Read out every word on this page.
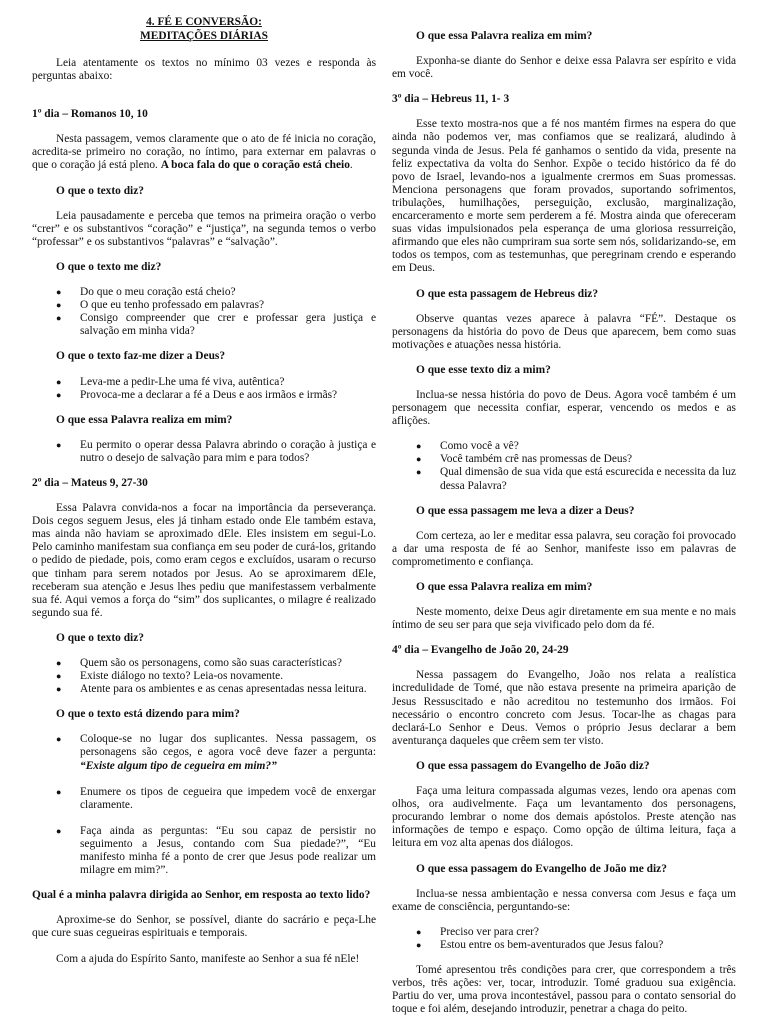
4. FÉ E CONVERSÃO:
MEDITAÇÕES DIÁRIAS

Leia atentamente os textos no mínimo 03 vezes e responda às perguntas abaixo:

1º dia – Romanos 10, 10

Nesta passagem, vemos claramente que o ato de fé inicia no coração, acredita-se primeiro no coração, no íntimo, para externar em palavras o que o coração já está pleno. A boca fala do que o coração está cheio.

O que o texto diz?

Leia pausadamente e perceba que temos na primeira oração o verbo “crer” e os substantivos “coração” e “justiça”, na segunda temos o verbo “professar” e os substantivos “palavras” e “salvação”.

O que o texto me diz?

● Do que o meu coração está cheio?
● O que eu tenho professado em palavras?
● Consigo compreender que crer e professar gera justiça e salvação em minha vida?

O que o texto faz-me dizer a Deus?

● Leva-me a pedir-Lhe uma fé viva, autêntica?
● Provoca-me a declarar a fé a Deus e aos irmãos e irmãs?

O que essa Palavra realiza em mim?

● Eu permito o operar dessa Palavra abrindo o coração à justiça e nutro o desejo de salvação para mim e para todos?

2º dia – Mateus 9, 27-30

Essa Palavra convida-nos a focar na importância da perseverança. Dois cegos seguem Jesus, eles já tinham estado onde Ele também estava, mas ainda não haviam se aproximado dEle. Eles insistem em segui-Lo. Pelo caminho manifestam sua confiança em seu poder de curá-los, gritando o pedido de piedade, pois, como eram cegos e excluídos, usaram o recurso que tinham para serem notados por Jesus. Ao se aproximarem dEle, receberam sua atenção e Jesus lhes pediu que manifestassem verbalmente sua fé. Aqui vemos a força do “sim” dos suplicantes, o milagre é realizado segundo sua fé.

O que o texto diz?

● Quem são os personagens, como são suas características?
● Existe diálogo no texto? Leia-os novamente.
● Atente para os ambientes e as cenas apresentadas nessa leitura.

O que o texto está dizendo para mim?

● Coloque-se no lugar dos suplicantes. Nessa passagem, os personagens são cegos, e agora você deve fazer a pergunta: “Existe algum tipo de cegueira em mim?”
● Enumere os tipos de cegueira que impedem você de enxergar claramente.
● Faça ainda as perguntas: “Eu sou capaz de persistir no seguimento a Jesus, contando com Sua piedade?”, “Eu manifesto minha fé a ponto de crer que Jesus pode realizar um milagre em mim?”.

Qual é a minha palavra dirigida ao Senhor, em resposta ao texto lido?

Aproxime-se do Senhor, se possível, diante do sacrário e peça-Lhe que cure suas cegueiras espirituais e temporais.

Com a ajuda do Espírito Santo, manifeste ao Senhor a sua fé nEle!

O que essa Palavra realiza em mim?

Exponha-se diante do Senhor e deixe essa Palavra ser espírito e vida em você.

3º dia – Hebreus 11, 1- 3

Esse texto mostra-nos que a fé nos mantém firmes na espera do que ainda não podemos ver, mas confiamos que se realizará, aludindo à segunda vinda de Jesus. Pela fé ganhamos o sentido da vida, presente na feliz expectativa da volta do Senhor. Expõe o tecido histórico da fé do povo de Israel, levando-nos a igualmente crermos em Suas promessas. Menciona personagens que foram provados, suportando sofrimentos, tribulações, humilhações, perseguição, exclusão, marginalização, encarceramento e morte sem perderem a fé. Mostra ainda que ofereceram suas vidas impulsionados pela esperança de uma gloriosa ressurreição, afirmando que eles não cumpriram sua sorte sem nós, solidarizando-se, em todos os tempos, com as testemunhas, que peregrinam crendo e esperando em Deus.

O que esta passagem de Hebreus diz?

Observe quantas vezes aparece à palavra “FÉ”. Destaque os personagens da história do povo de Deus que aparecem, bem como suas motivações e atuações nessa história.

O que esse texto diz a mim?

Inclua-se nessa história do povo de Deus. Agora você também é um personagem que necessita confiar, esperar, vencendo os medos e as aflições.

● Como você a vê?
● Você também crê nas promessas de Deus?
● Qual dimensão de sua vida que está escurecida e necessita da luz dessa Palavra?

O que essa passagem me leva a dizer a Deus?

Com certeza, ao ler e meditar essa palavra, seu coração foi provocado a dar uma resposta de fé ao Senhor, manifeste isso em palavras de comprometimento e confiança.

O que essa Palavra realiza em mim?

Neste momento, deixe Deus agir diretamente em sua mente e no mais íntimo de seu ser para que seja vivificado pelo dom da fé.

4º dia – Evangelho de João 20, 24-29

Nessa passagem do Evangelho, João nos relata a realística incredulidade de Tomé, que não estava presente na primeira aparição de Jesus Ressuscitado e não acreditou no testemunho dos irmãos. Foi necessário o encontro concreto com Jesus. Tocar-lhe as chagas para declará-Lo Senhor e Deus. Vemos o próprio Jesus declarar a bem aventurança daqueles que crêem sem ter visto.

O que essa passagem do Evangelho de João diz?

Faça uma leitura compassada algumas vezes, lendo ora apenas com olhos, ora audivelmente. Faça um levantamento dos personagens, procurando lembrar o nome dos demais apóstolos. Preste atenção nas informações de tempo e espaço. Como opção de última leitura, faça a leitura em voz alta apenas dos diálogos.

O que essa passagem do Evangelho de João me diz?

Inclua-se nessa ambientação e nessa conversa com Jesus e faça um exame de consciência, perguntando-se:

● Preciso ver para crer?
● Estou entre os bem-aventurados que Jesus falou?

Tomé apresentou três condições para crer, que correspondem a três verbos, três ações: ver, tocar, introduzir. Tomé graduou sua exigência. Partiu do ver, uma prova incontestável, passou para o contato sensorial do toque e foi além, desejando introduzir, penetrar a chaga do peito.
